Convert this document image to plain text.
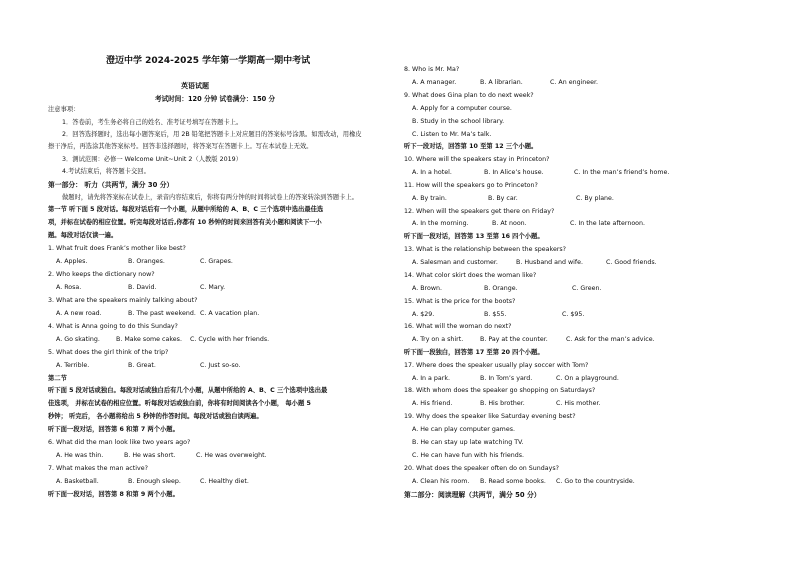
澄迈中学 2024-2025 学年第一学期高一期中考试
英语试题
考试时间：120 分钟 试卷满分：150 分
注意事项：
1．答卷前，考生务必将自己的姓名、准考证号填写在答题卡上。
2．回答选择题时，选出每小题答案后，用 2B 铅笔把答题卡上对应题目的答案标号涂黑。如需改动，用橡皮
擦干净后，再选涂其他答案标号。回答非选择题时，将答案写在答题卡上。写在本试卷上无效。
3．测试范围：必修一 Welcome Unit~Unit 2（人教版 2019）
4.考试结束后，将答题卡交回。
第一部分： 听力（共两节，满分 30 分）
做题时，请先将答案标在试卷上，录音内容结束后，你将有两分钟的时间将试卷上的答案转涂到答题卡上。
第一节 听下面 5 段对话。每段对话后有一个小题，从题中所给的 A、B、C 三个选项中选出最佳选
项，并标在试卷的相应位置。听完每段对话后,你都有 10 秒钟的时间来回答有关小题和阅读下一小
题。每段对话仅读一遍。
1. What fruit does Frank’s mother like best?
A. Apples.	B. Oranges.	C. Grapes.
2. Who keeps the dictionary now?
A. Rosa.	B. David.	C. Mary.
3. What are the speakers mainly talking about?
A. A new road.	B. The past weekend. C. A vacation plan.
4. What is Anna going to do this Sunday?
A. Go skating.	B. Make some cakes. C. Cycle with her friends.
5. What does the girl think of the trip?
A. Terrible.	B. Great.	C. Just so-so.
第二节
听下面 5 段对话或独白。每段对话或独白后有几个小题，从题中所给的 A、B、C 三个选项中选出最
佳选项， 并标在试卷的相应位置。听每段对话或独白前，你将有时间阅读各个小题， 每小题 5
秒钟； 听完后， 各小题将给出 5 秒钟的作答时间。每段对话或独白读两遍。
听下面一段对话，回答第 6 和第 7 两个小题。
6. What did the man look like two years ago?
A. He was thin.	B. He was short.	C. He was overweight.
7. What makes the man active?
A. Basketball.	B. Enough sleep.	C. Healthy diet.
听下面一段对话，回答第 8 和第 9 两个小题。
8. Who is Mr. Ma?
A. A manager.	B. A librarian.	C. An engineer.
9. What does Gina plan to do next week?
A. Apply for a computer course.
B. Study in the school library.
C. Listen to Mr. Ma’s talk.
听下一段对话，回答第 10 至第 12 三个小题。
10. Where will the speakers stay in Princeton?
A. In a hotel.	B. In Alice’s house.	C. In the man’s friend’s home.
11. How will the speakers go to Princeton?
A. By train.	B. By car.	C. By plane.
12. When will the speakers get there on Friday?
A. In the morning.	B. At noon.	C. In the late afternoon.
听下面一段对话，回答第 13 至第 16 四个小题。
13. What is the relationship between the speakers?
A. Salesman and customer.	B. Husband and wife.	C. Good friends.
14. What color skirt does the woman like?
A. Brown.	B. Orange.	C. Green.
15. What is the price for the boots?
A. $29.	B. $55.	C. $95.
16. What will the woman do next?
A. Try on a shirt.	B. Pay at the counter.	C. Ask for the man’s advice.
听下面一段独白，回答第 17 至第 20 四个小题。
17. Where does the speaker usually play soccer with Tom?
A. In a park.	B. In Tom’s yard.	C. On a playground.
18. With whom does the speaker go shopping on Saturdays?
A. His friend.	B. His brother.	C. His mother.
19. Why does the speaker like Saturday evening best?
A. He can play computer games.
B. He can stay up late watching TV.
C. He can have fun with his friends.
20. What does the speaker often do on Sundays?
A. Clean his room. B. Read some books. C. Go to the countryside.
第二部分：阅读理解（共两节，满分 50 分）
